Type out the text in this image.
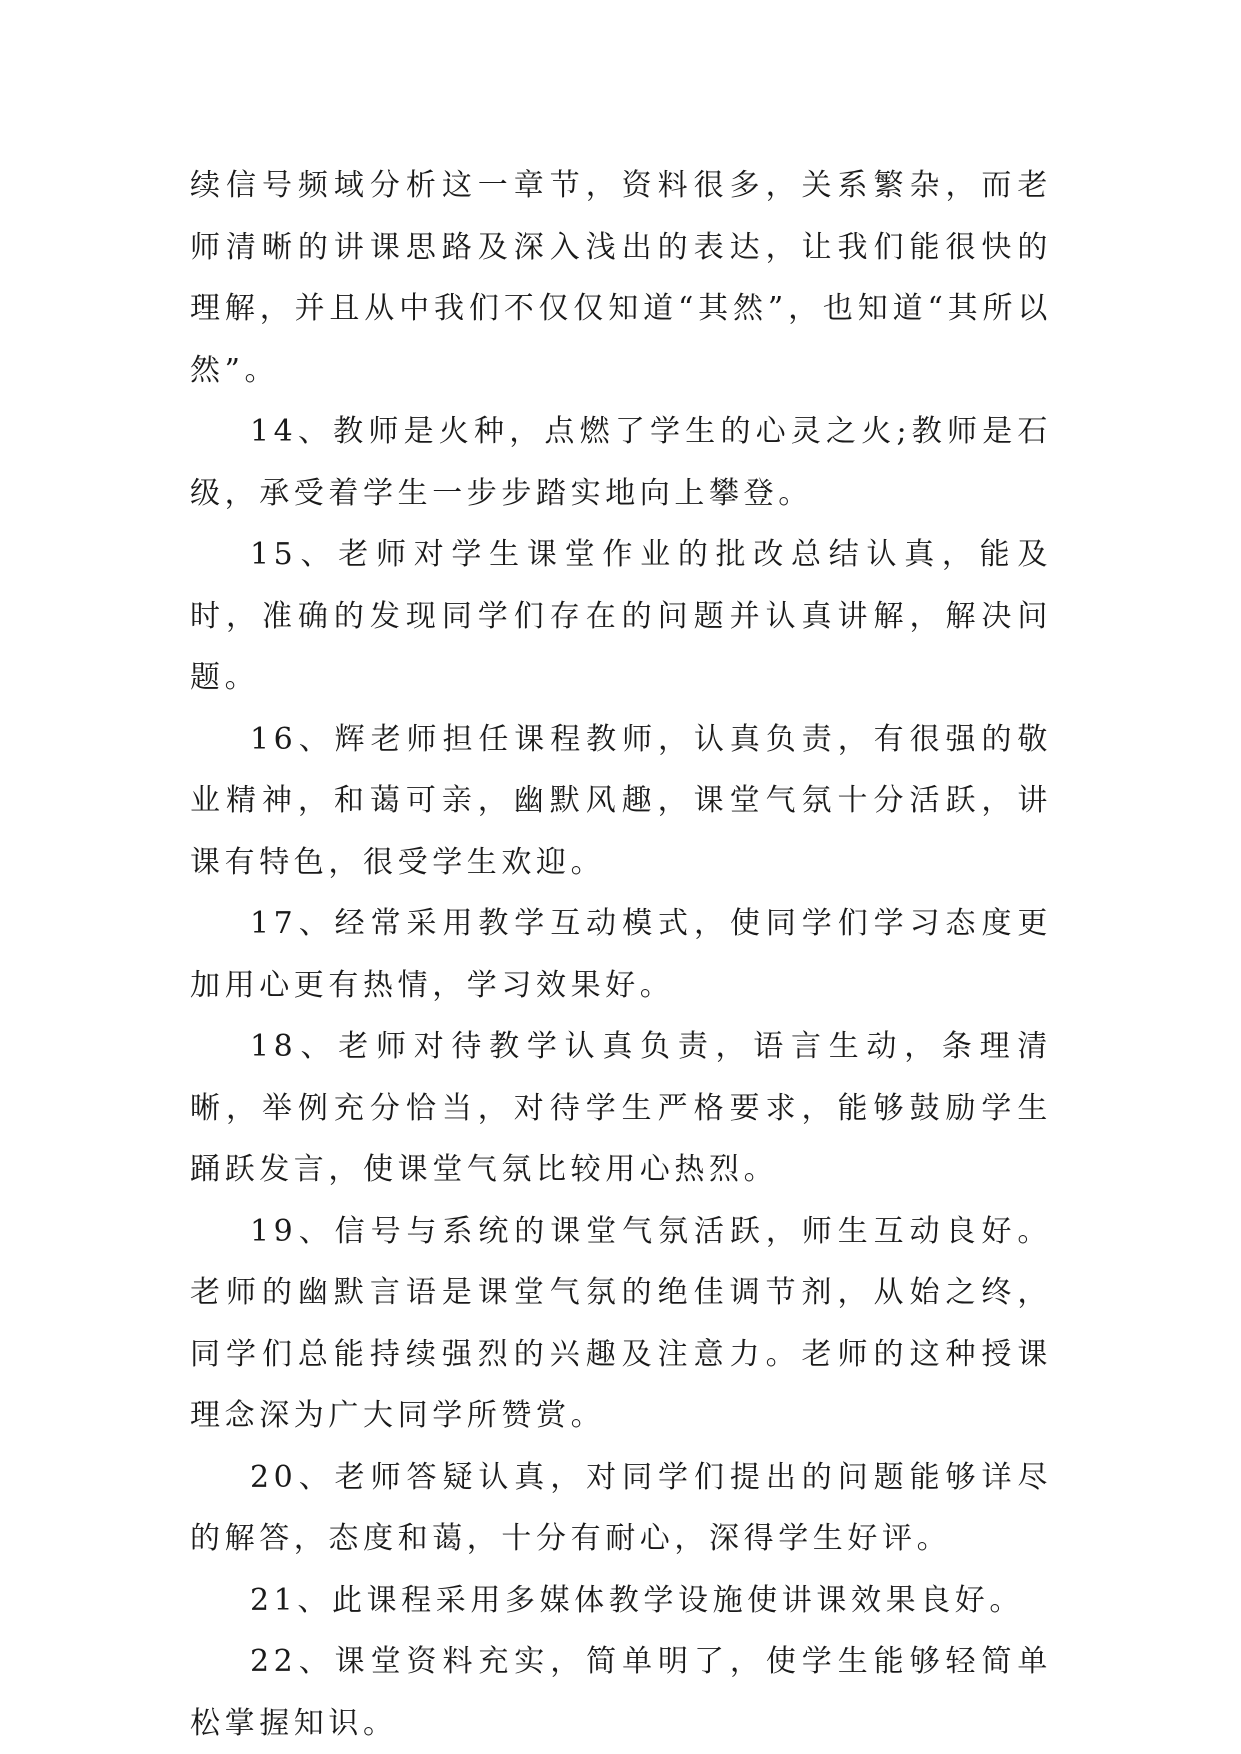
续信号频域分析这一章节，资料很多，关系繁杂，而老师清晰的讲课思路及深入浅出的表达，让我们能很快的理解，并且从中我们不仅仅知道“其然”，也知道“其所以然”。

14、教师是火种，点燃了学生的心灵之火;教师是石级，承受着学生一步步踏实地向上攀登。

15、老师对学生课堂作业的批改总结认真，能及时，准确的发现同学们存在的问题并认真讲解，解决问题。

16、辉老师担任课程教师，认真负责，有很强的敬业精神，和蔼可亲，幽默风趣，课堂气氛十分活跃，讲课有特色，很受学生欢迎。

17、经常采用教学互动模式，使同学们学习态度更加用心更有热情，学习效果好。

18、老师对待教学认真负责，语言生动，条理清晰，举例充分恰当，对待学生严格要求，能够鼓励学生踊跃发言，使课堂气氛比较用心热烈。

19、信号与系统的课堂气氛活跃，师生互动良好。老师的幽默言语是课堂气氛的绝佳调节剂，从始之终，同学们总能持续强烈的兴趣及注意力。老师的这种授课理念深为广大同学所赞赏。

20、老师答疑认真，对同学们提出的问题能够详尽的解答，态度和蔼，十分有耐心，深得学生好评。

21、此课程采用多媒体教学设施使讲课效果良好。

22、课堂资料充实，简单明了，使学生能够轻简单松掌握知识。
